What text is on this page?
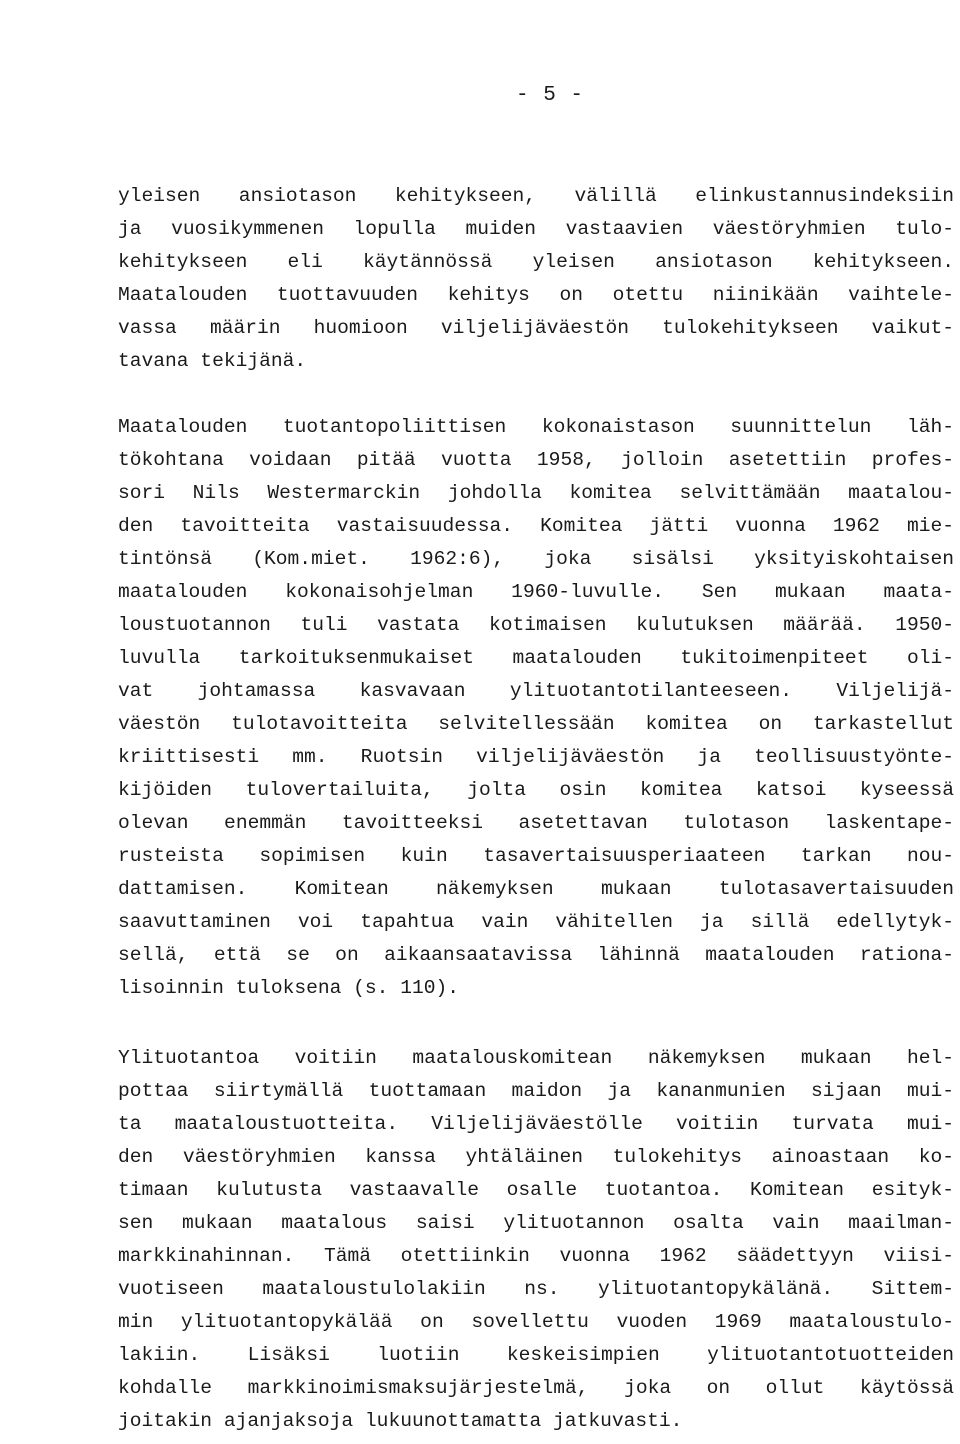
- 5 -
yleisen ansiotason kehitykseen, välillä elinkustannusindeksiin
ja vuosikymmenen lopulla muiden vastaavien väestöryhmien tulo-
kehitykseen eli käytännössä yleisen ansiotason kehitykseen.
Maatalouden tuottavuuden kehitys on otettu niinikään vaihtele-
vassa määrin huomioon viljelijäväestön tulokehitykseen vaikut-
tavana tekijänä.
Maatalouden tuotantopoliittisen kokonaistason suunnittelun läh-
tökohtana voidaan pitää vuotta 1958, jolloin asetettiin profes-
sori Nils Westermarckin johdolla komitea selvittämään maatalou-
den tavoitteita vastaisuudessa. Komitea jätti vuonna 1962 mie-
tintönsä (Kom.miet. 1962:6), joka sisälsi yksityiskohtaisen
maatalouden kokonaisohjelman 1960-luvulle. Sen mukaan maata-
loustuotannon tuli vastata kotimaisen kulutuksen määrää. 1950-
luvulla tarkoituksenmukaiset maatalouden tukitoimenpiteet oli-
vat johtamassa kasvavaan ylituotantotilanteeseen. Viljelijä-
väestön tulotavoitteita selvitellessään komitea on tarkastellut
kriittisesti mm. Ruotsin viljelijäväestön ja teollisuustyönte-
kijöiden tulovertailuita, jolta osin komitea katsoi kyseessä
olevan enemmän tavoitteeksi asetettavan tulotason laskentape-
rusteista sopimisen kuin tasavertaisuusperiaateen tarkan nou-
dattamisen. Komitean näkemyksen mukaan tulotasavertaisuuden
saavuttaminen voi tapahtua vain vähitellen ja sillä edellytyk-
sellä, että se on aikaansaatavissa lähinnä maatalouden rationa-
lisoinnin tuloksena (s. 110).
Ylituotantoa voitiin maatalouskomitean näkemyksen mukaan hel-
pottaa siirtymällä tuottamaan maidon ja kananmunien sijaan mui-
ta maataloustuotteita. Viljelijäväestölle voitiin turvata mui-
den väestöryhmien kanssa yhtäläinen tulokehitys ainoastaan ko-
timaan kulutusta vastaavalle osalle tuotantoa. Komitean esityk-
sen mukaan maatalous saisi ylituotannon osalta vain maailman-
markkinahinnan. Tämä otettiinkin vuonna 1962 säädettyyn viisi-
vuotiseen maataloustulolakiin ns. ylituotantopykälänä. Sittem-
min ylituotantopykälää on sovellettu vuoden 1969 maataloustulo-
lakiin. Lisäksi luotiin keskeisimpien ylituotantotuotteiden
kohdalle markkinoimismaksujärjestelmä, joka on ollut käytössä
joitakin ajanjaksoja lukuunottamatta jatkuvasti.
